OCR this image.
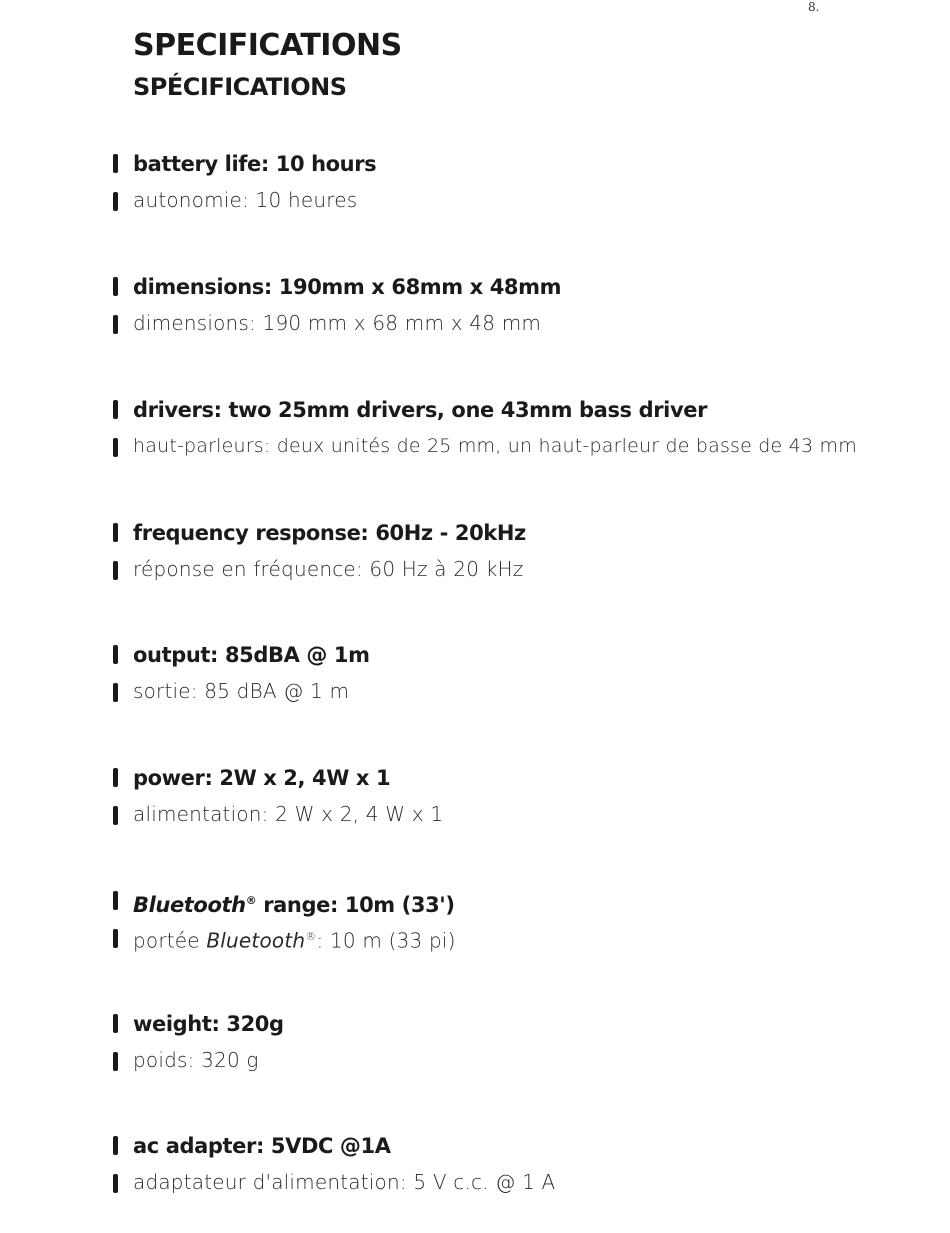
8.
SPECIFICATIONS
SPÉCIFICATIONS
battery life: 10 hours
autonomie: 10 heures
dimensions: 190mm x 68mm x 48mm
dimensions: 190 mm x 68 mm x 48 mm
drivers: two 25mm drivers, one 43mm bass driver
haut-parleurs: deux unités de 25 mm, un haut-parleur de basse de 43 mm
frequency response: 60Hz - 20kHz
réponse en fréquence: 60 Hz à 20 kHz
output: 85dBA @ 1m
sortie: 85 dBA @ 1 m
power: 2W x 2, 4W x 1
alimentation: 2 W x 2, 4 W x 1
Bluetooth® range: 10m (33')
portée Bluetooth®: 10 m (33 pi)
weight: 320g
poids: 320 g
ac adapter: 5VDC @1A
adaptateur d'alimentation: 5 V c.c. @ 1 A
